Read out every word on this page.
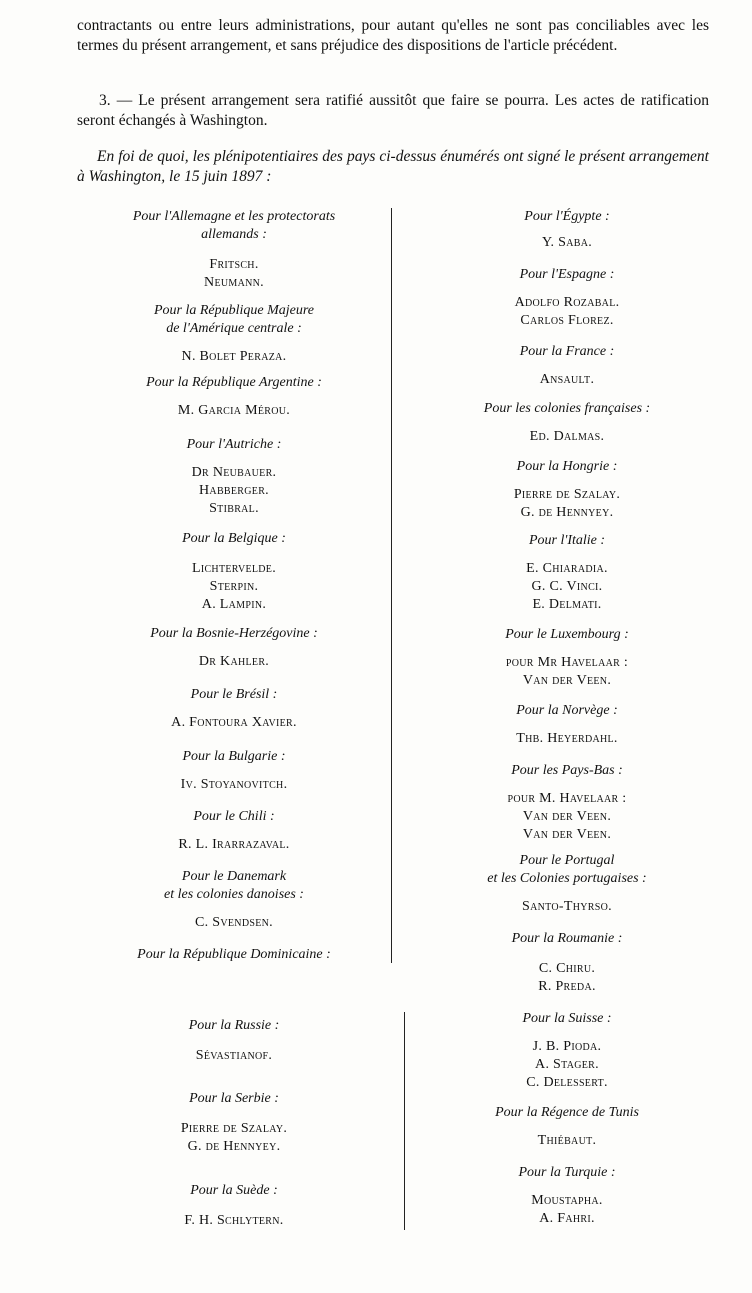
contractants ou entre leurs administrations, pour autant qu'elles ne sont pas conciliables avec les termes du présent arrangement, et sans préjudice des dispositions de l'article précédent.
3. — Le présent arrangement sera ratifié aussitôt que faire se pourra. Les actes de ratification seront échangés à Washington.
En foi de quoi, les plénipotentiaires des pays ci-dessus énumérés ont signé le présent arrangement à Washington, le 15 juin 1897 :
Pour l'Allemagne et les protectorats
allemands :
Fritsch.
Neumann.
Pour la République Majeure
de l'Amérique centrale :
N. Bolet Peraza.
Pour la République Argentine :
M. Garcia Mérou.
Pour l'Autriche :
Dr Neubauer.
Habberger.
Stibral.
Pour la Belgique :
Lichtervelde.
Sterpin.
A. Lampin.
Pour la Bosnie-Herzégovine :
Dr Kahler.
Pour le Brésil :
A. Fontoura Xavier.
Pour la Bulgarie :
Iv. Stoyanovitch.
Pour le Chili :
R. L. Irarrazaval.
Pour le Danemark
et les colonies danoises :
C. Svendsen.
Pour la République Dominicaine :
Pour la Russie :
Sévastianof.
Pour la Serbie :
Pierre de Szalay.
G. de Hennyey.
Pour la Suède :
F. H. Schlytern.
Pour l'Égypte :
Y. Saba.
Pour l'Espagne :
Adolfo Rozabal.
Carlos Florez.
Pour la France :
Ansault.
Pour les colonies françaises :
Ed. Dalmas.
Pour la Hongrie :
Pierre de Szalay.
G. de Hennyey.
Pour l'Italie :
E. Chiaradia.
G. C. Vinci.
E. Delmati.
Pour le Luxembourg :
pour Mr Havelaar :
Van der Veen.
Pour la Norvège :
Thb. Heyerdahl.
Pour les Pays-Bas :
pour M. Havelaar :
Van der Veen.
Van der Veen.
Pour le Portugal
et les Colonies portugaises :
Santo-Thyrso.
Pour la Roumanie :
C. Chiru.
R. Preda.
Pour la Suisse :
J. B. Pioda.
A. Stager.
C. Delessert.
Pour la Régence de Tunis
Thiébaut.
Pour la Turquie :
Moustapha.
A. Fahri.
